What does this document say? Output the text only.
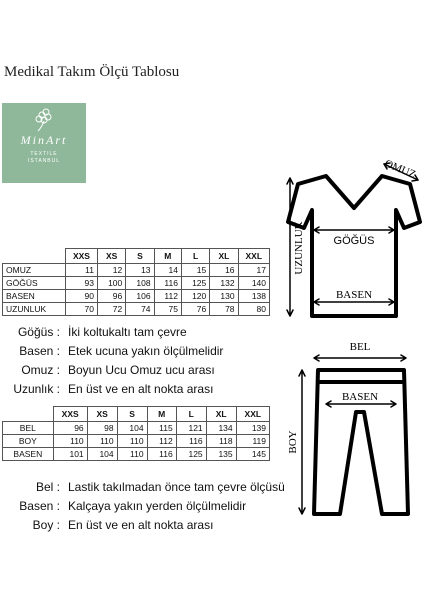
Medikal Takım Ölçü Tablosu
MinArt
TEXTILE
ISTANBUL
	XXS	XS	S	M	L	XL	XXL
OMUZ	11	12	13	14	15	16	17
GÖĞÜS	93	100	108	116	125	132	140
BASEN	90	96	106	112	120	130	138
UZUNLUK	70	72	74	75	76	78	80
Göğüs : İki koltukaltı tam çevre
Basen : Etek ucuna yakın ölçülmelidir
Omuz : Boyun Ucu Omuz ucu arası
Uzunlık : En üst ve en alt nokta arası
	XXS	XS	S	M	L	XL	XXL
BEL	96	98	104	115	121	134	139
BOY	110	110	110	112	116	118	119
BASEN	101	104	110	116	125	135	145
Bel : Lastik takılmadan önce tam çevre ölçüsü
Basen : Kalçaya yakın yerden ölçülmelidir
Boy : En üst ve en alt nokta arası
OMUZ
GÖĞÜS
BASEN
UZUNLUK
BEL
BASEN
BOY
